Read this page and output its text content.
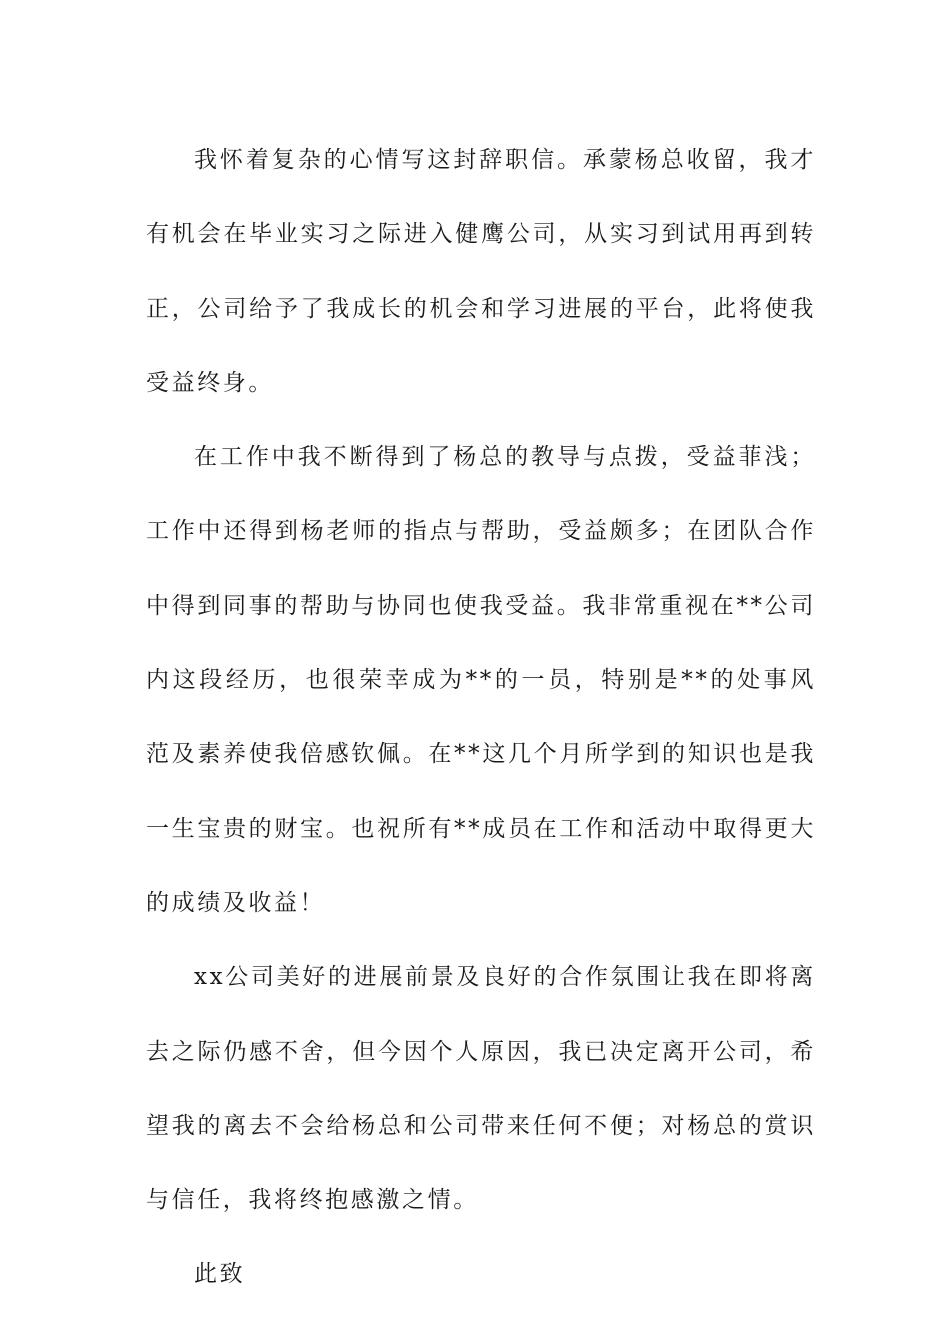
我怀着复杂的心情写这封辞职信。承蒙杨总收留，我才有机会在毕业实习之际进入健鹰公司，从实习到试用再到转正，公司给予了我成长的机会和学习进展的平台，此将使我受益终身。

在工作中我不断得到了杨总的教导与点拨，受益菲浅；工作中还得到杨老师的指点与帮助，受益颇多；在团队合作中得到同事的帮助与协同也使我受益。我非常重视在**公司内这段经历，也很荣幸成为**的一员，特别是**的处事风范及素养使我倍感钦佩。在**这几个月所学到的知识也是我一生宝贵的财宝。也祝所有**成员在工作和活动中取得更大的成绩及收益！

xx公司美好的进展前景及良好的合作氛围让我在即将离去之际仍感不舍，但今因个人原因，我已决定离开公司，希望我的离去不会给杨总和公司带来任何不便；对杨总的赏识与信任，我将终抱感激之情。

此致
